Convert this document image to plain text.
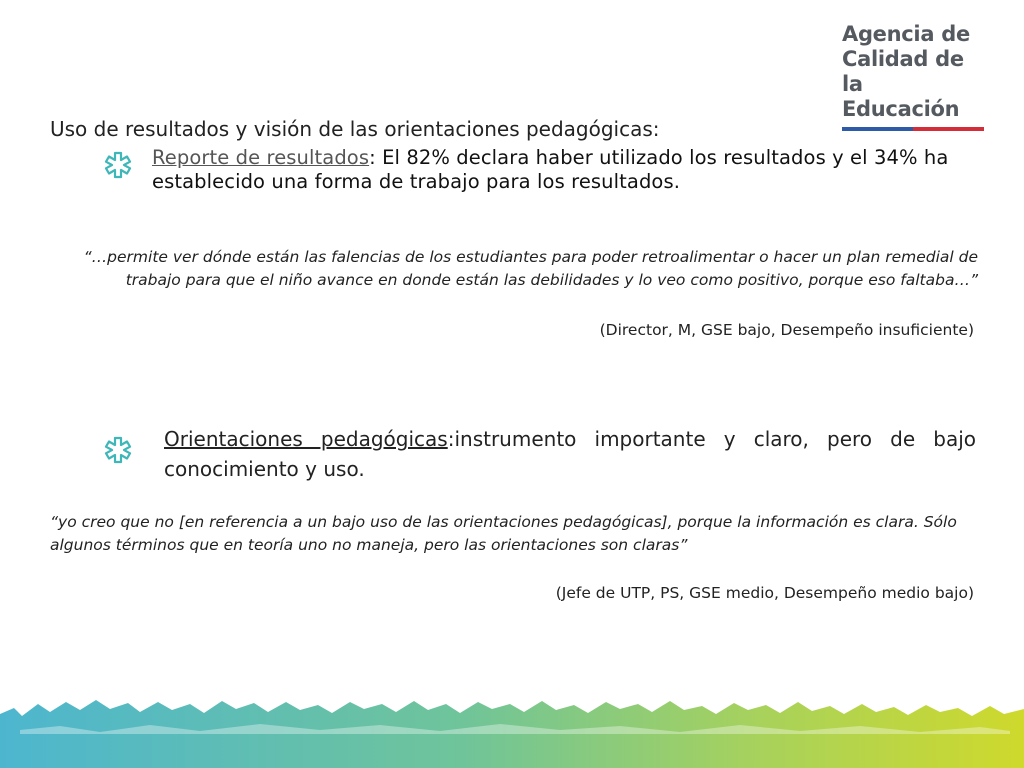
Agencia de
Calidad de la
Educación
Uso de resultados y visión de las orientaciones pedagógicas:
Reporte de resultados: El 82% declara haber utilizado los resultados y el 34% ha establecido una forma de trabajo para los resultados.
“…permite ver dónde están las falencias de los estudiantes para poder retroalimentar o hacer un plan remedial de trabajo para que el niño avance en donde están las debilidades y lo veo como positivo, porque eso faltaba…”
(Director, M, GSE bajo, Desempeño insuficiente)
Orientaciones pedagógicas:instrumento importante y claro, pero de bajo conocimiento y uso.
“yo creo que no [en referencia a un bajo uso de las orientaciones pedagógicas], porque la información es clara. Sólo algunos términos que en teoría uno no maneja, pero las orientaciones son claras”
(Jefe de UTP, PS, GSE medio, Desempeño medio bajo)
